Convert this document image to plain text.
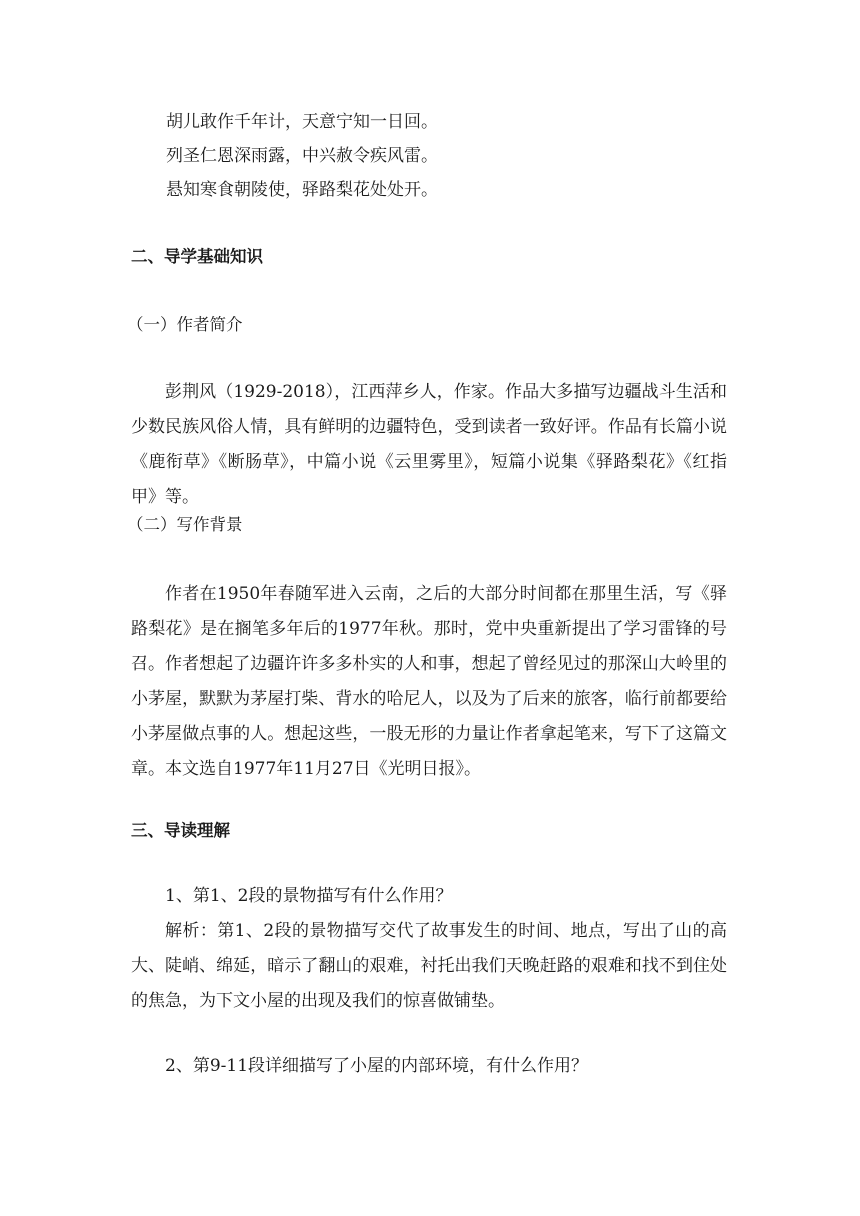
胡儿敢作千年计，天意宁知一日回。
列圣仁恩深雨露，中兴赦令疾风雷。
悬知寒食朝陵使，驿路梨花处处开。
二、导学基础知识
（一）作者简介

彭荆风（1929-2018），江西萍乡人，作家。作品大多描写边疆战斗生活和少数民族风俗人情，具有鲜明的边疆特色，受到读者一致好评。作品有长篇小说《鹿衔草》《断肠草》，中篇小说《云里雾里》，短篇小说集《驿路梨花》《红指甲》等。

（二）写作背景

作者在1950年春随军进入云南，之后的大部分时间都在那里生活，写《驿路梨花》是在搁笔多年后的1977年秋。那时，党中央重新提出了学习雷锋的号召。作者想起了边疆许许多多朴实的人和事，想起了曾经见过的那深山大岭里的小茅屋，默默为茅屋打柴、背水的哈尼人，以及为了后来的旅客，临行前都要给小茅屋做点事的人。想起这些，一股无形的力量让作者拿起笔来，写下了这篇文章。本文选自1977年11月27日《光明日报》。

三、导读理解

1、第1、2段的景物描写有什么作用？

解析：第1、2段的景物描写交代了故事发生的时间、地点，写出了山的高大、陡峭、绵延，暗示了翻山的艰难，衬托出我们天晚赶路的艰难和找不到住处的焦急，为下文小屋的出现及我们的惊喜做铺垫。

2、第9-11段详细描写了小屋的内部环境，有什么作用？
